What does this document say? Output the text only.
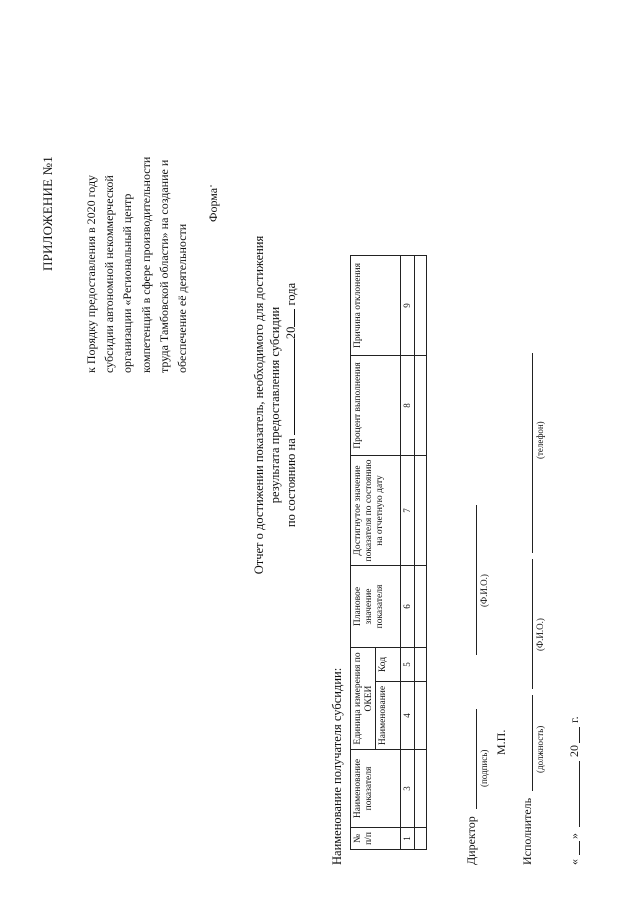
ПРИЛОЖЕНИЕ №1 к Порядку предоставления в 2020 году субсидии автономной некоммерческой организации «Региональный центр компетенций в сфере производительности труда Тамбовской области» на создание и обеспечение её деятельности
Форма
Отчет о достижении показатель, необходимого для достижения результата предоставления субсидии по состоянию на 20 года
Наименование получателя субсидии: № п/п	Наименование показателя	Единица измерения по ОКЕИ		Плановое значение показателя	Достигнутое значение показателя по состоянию на отчетную дату	Процент выполнения	Причина отклонения
		Наименование	Код				
1	3	4	5	6	7	8	9

Директор
(подпись)
(Ф.И.О.)
М.П.
Исполнитель
(должность)
(Ф.И.О.)
(телефон)
«
»
20
г.
